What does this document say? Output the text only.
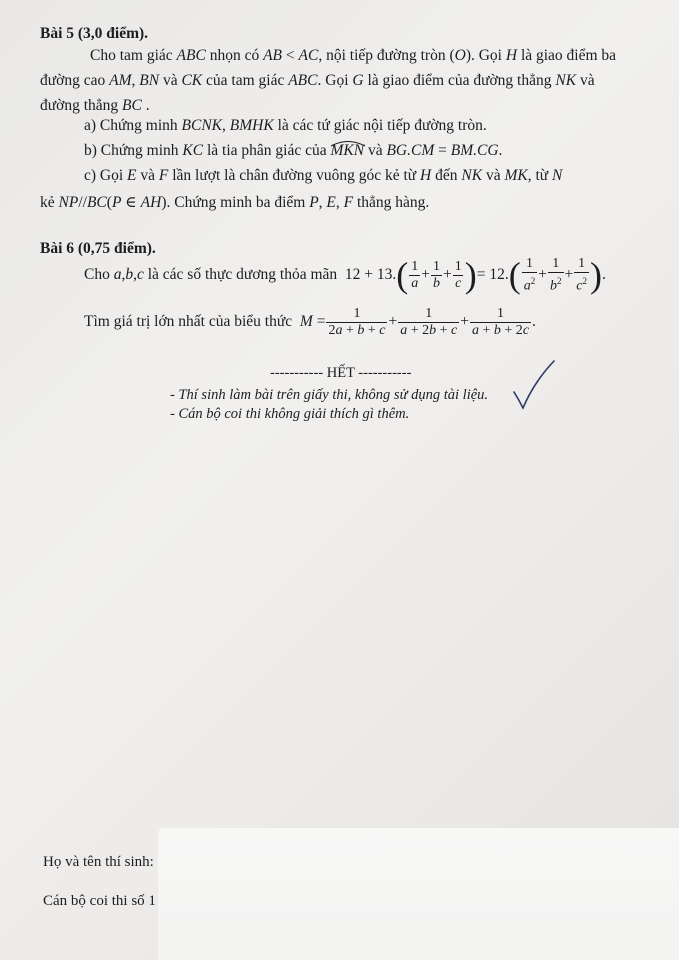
Bài 5 (3,0 điểm).
Cho tam giác ABC nhọn có AB < AC, nội tiếp đường tròn (O). Gọi H là giao điểm ba
đường cao AM, BN và CK của tam giác ABC. Gọi G là giao điểm của đường thẳng NK và
đường thẳng BC .
a) Chứng minh BCNK, BMHK là các tứ giác nội tiếp đường tròn.
b) Chứng minh KC là tia phân giác của MKN
và BG.CM = BM.CG.
c) Gọi E và F lần lượt là chân đường vuông góc kẻ từ H đến NK và MK, từ N
kẻ NP//BC(P ∈ AH). Chứng minh ba điểm P, E, F thẳng hàng.
Bài 6 (0,75 điểm).
Cho a,b,c là các số thực dương thỏa mãn  12 + 13. ( $\frac{1}{a} + \frac{1}{b} + \frac{1}{c}$ ) = 12. ( $\frac{1}{a^2} + \frac{1}{b^2} + \frac{1}{c^2}$ ) .
Tìm giá trị lớn nhất của biểu thức  $M = \frac{1}{2a + b + c} + \frac{1}{a + 2b + c} + \frac{1}{a + b + 2c}$ .
----------- HẾT -----------
- Thí sinh làm bài trên giấy thi, không sử dụng tài liệu.
- Cán bộ coi thi không giải thích gì thêm.
Họ và tên thí sinh:
Cán bộ coi thi số 1
